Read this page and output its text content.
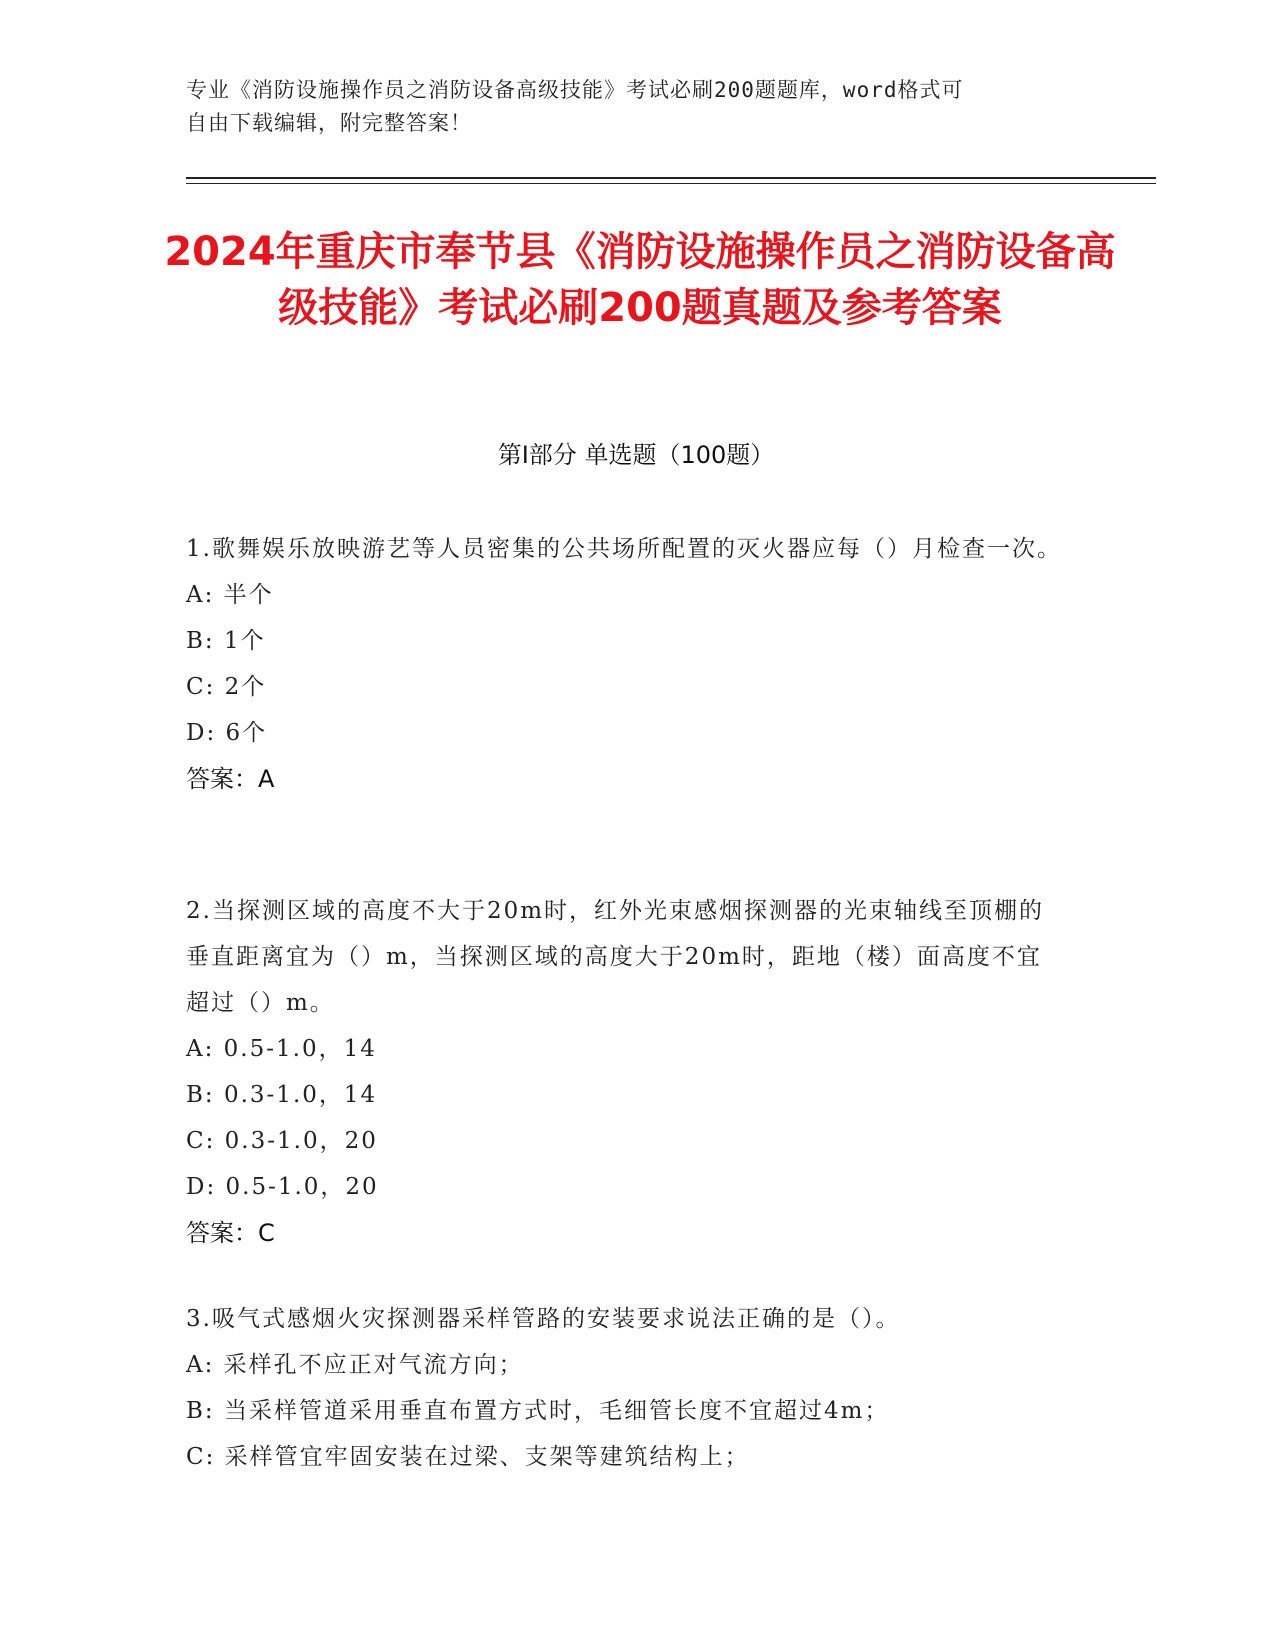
专业《消防设施操作员之消防设备高级技能》考试必刷200题题库，word格式可
自由下载编辑，附完整答案！
2024年重庆市奉节县《消防设施操作员之消防设备高级技能》考试必刷200题真题及参考答案
第Ⅰ部分 单选题（100题）
1.歌舞娱乐放映游艺等人员密集的公共场所配置的灭火器应每（）月检查一次。
A: 半个
B: 1个
C: 2个
D: 6个
答案：A
2.当探测区域的高度不大于20m时，红外光束感烟探测器的光束轴线至顶棚的垂直距离宜为（）m，当探测区域的高度大于20m时，距地（楼）面高度不宜超过（）m。
A: 0.5-1.0，14
B: 0.3-1.0，14
C: 0.3-1.0，20
D: 0.5-1.0，20
答案：C
3.吸气式感烟火灾探测器采样管路的安装要求说法正确的是（）。
A: 采样孔不应正对气流方向；
B: 当采样管道采用垂直布置方式时，毛细管长度不宜超过4m；
C: 采样管宜牢固安装在过梁、支架等建筑结构上；
